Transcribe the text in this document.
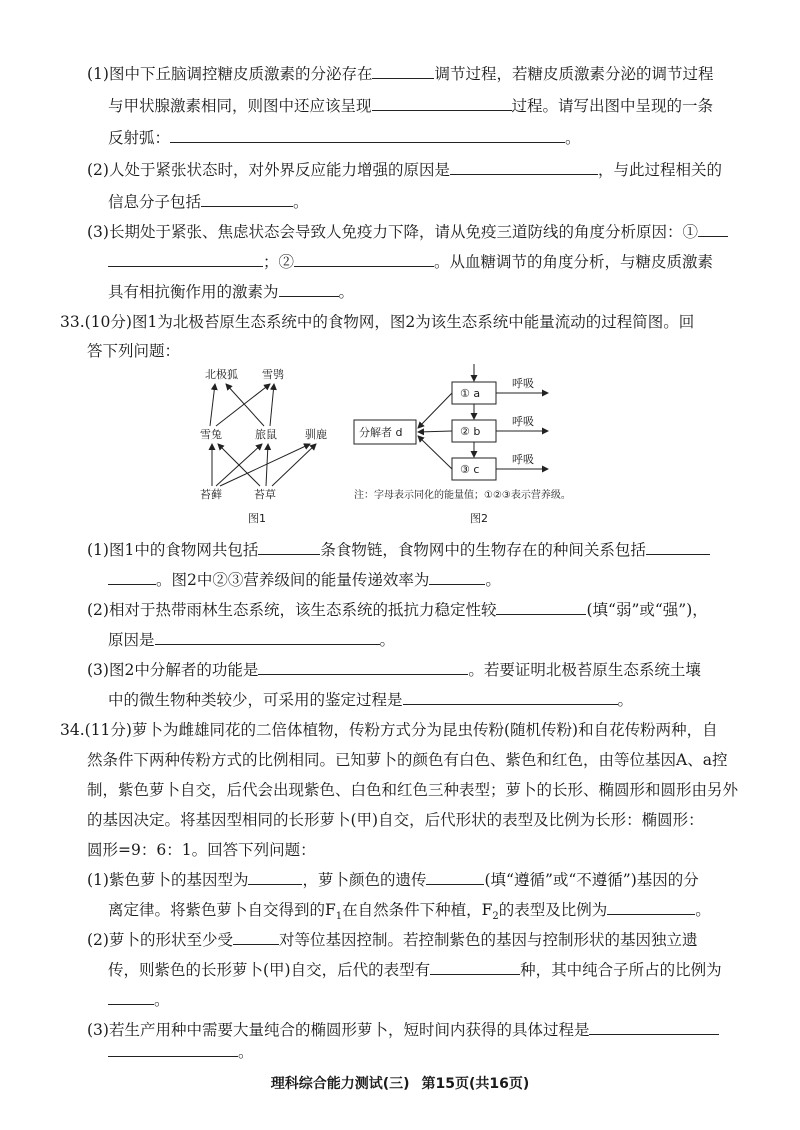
(1)图中下丘脑调控糖皮质激素的分泌存在	调节过程，若糖皮质激素分泌的调节过程
与甲状腺激素相同，则图中还应该呈现	过程。请写出图中呈现的一条
反射弧：	。
(2)人处于紧张状态时，对外界反应能力增强的原因是	，与此过程相关的
信息分子包括	。
(3)长期处于紧张、焦虑状态会导致人免疫力下降，请从免疫三道防线的角度分析原因：①
；②	。从血糖调节的角度分析，与糖皮质激素
具有相抗衡作用的激素为	。
33.(10分)图1为北极苔原生态系统中的食物网，图2为该生态系统中能量流动的过程简图。回
答下列问题：
北极狐 雪鸮
雪兔	旅鼠	驯鹿
苔藓	苔草
图1
分解者 d
① a
② b
③ c
呼吸
呼吸
呼吸
注：字母表示同化的能量值；①②③表示营养级。
图2
(1)图1中的食物网共包括	条食物链，食物网中的生物存在的种间关系包括
。图2中②③营养级间的能量传递效率为	。
(2)相对于热带雨林生态系统，该生态系统的抵抗力稳定性较	(填“弱”或“强”)，
原因是	。
(3)图2中分解者的功能是	。若要证明北极苔原生态系统土壤
中的微生物种类较少，可采用的鉴定过程是	。
34.(11分)萝卜为雌雄同花的二倍体植物，传粉方式分为昆虫传粉(随机传粉)和自花传粉两种，自
然条件下两种传粉方式的比例相同。已知萝卜的颜色有白色、紫色和红色，由等位基因A、a控
制，紫色萝卜自交，后代会出现紫色、白色和红色三种表型；萝卜的长形、椭圆形和圆形由另外
的基因决定。将基因型相同的长形萝卜(甲)自交，后代形状的表型及比例为长形：椭圆形：
圆形=9：6：1。回答下列问题：
(1)紫色萝卜的基因型为	，萝卜颜色的遗传	(填“遵循”或“不遵循”)基因的分
离定律。将紫色萝卜自交得到的$F_1$在自然条件下种植，$F_2$的表型及比例为	。
(2)萝卜的形状至少受	对等位基因控制。若控制紫色的基因与控制形状的基因独立遗
传，则紫色的长形萝卜(甲)自交，后代的表型有	种，其中纯合子所占的比例为
。
(3)若生产用种中需要大量纯合的椭圆形萝卜，短时间内获得的具体过程是
。
理科综合能力测试(三) 第15页(共16页)
